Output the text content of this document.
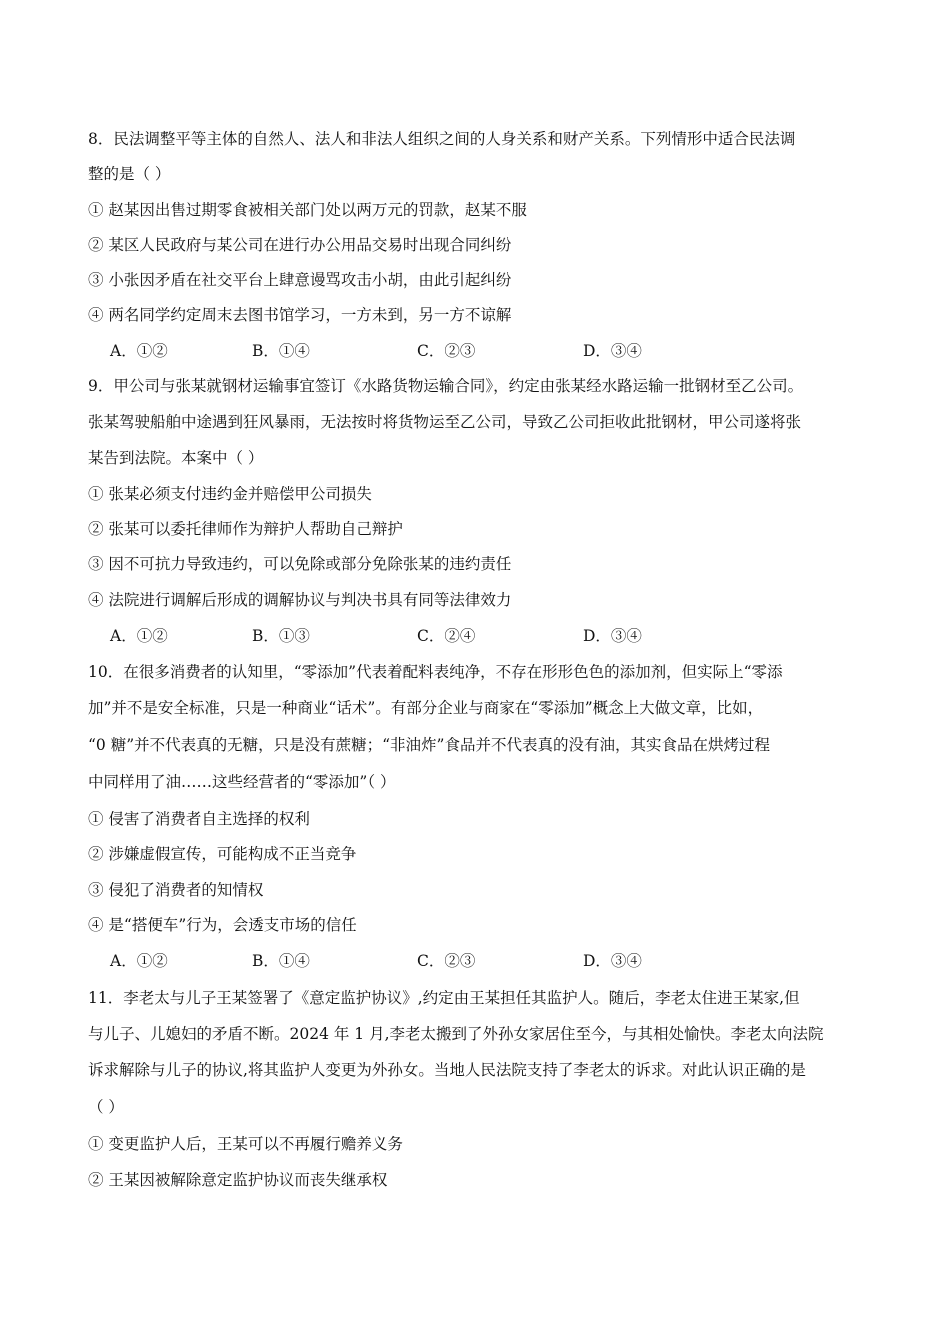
8．民法调整平等主体的自然人、法人和非法人组织之间的人身关系和财产关系。下列情形中适合民法调
整的是（ ）
① 赵某因出售过期零食被相关部门处以两万元的罚款，赵某不服
② 某区人民政府与某公司在进行办公用品交易时出现合同纠纷
③ 小张因矛盾在社交平台上肆意谩骂攻击小胡，由此引起纠纷
④ 两名同学约定周末去图书馆学习，一方未到，另一方不谅解
A．①②	B．①④	C．②③	D．③④
9．甲公司与张某就钢材运输事宜签订《水路货物运输合同》，约定由张某经水路运输一批钢材至乙公司。
张某驾驶船舶中途遇到狂风暴雨，无法按时将货物运至乙公司，导致乙公司拒收此批钢材，甲公司遂将张
某告到法院。本案中（ ）
① 张某必须支付违约金并赔偿甲公司损失
② 张某可以委托律师作为辩护人帮助自己辩护
③ 因不可抗力导致违约，可以免除或部分免除张某的违约责任
④ 法院进行调解后形成的调解协议与判决书具有同等法律效力
A．①②	B．①③	C．②④	D．③④
10．在很多消费者的认知里，“零添加”代表着配料表纯净，不存在形形色色的添加剂，但实际上“零添
加”并不是安全标准，只是一种商业“话术”。有部分企业与商家在“零添加”概念上大做文章，比如，
“0 糖”并不代表真的无糖，只是没有蔗糖；“非油炸”食品并不代表真的没有油，其实食品在烘烤过程
中同样用了油……这些经营者的“零添加”（ ）
① 侵害了消费者自主选择的权利
② 涉嫌虚假宣传，可能构成不正当竞争
③ 侵犯了消费者的知情权
④ 是“搭便车”行为，会透支市场的信任
A．①②	B．①④	C．②③	D．③④
11．李老太与儿子王某签署了《意定监护协议》,约定由王某担任其监护人。随后，李老太住进王某家,但
与儿子、儿媳妇的矛盾不断。2024 年 1 月,李老太搬到了外孙女家居住至今，与其相处愉快。李老太向法院
诉求解除与儿子的协议,将其监护人变更为外孙女。当地人民法院支持了李老太的诉求。对此认识正确的是
（ ）
① 变更监护人后，王某可以不再履行赡养义务
② 王某因被解除意定监护协议而丧失继承权
